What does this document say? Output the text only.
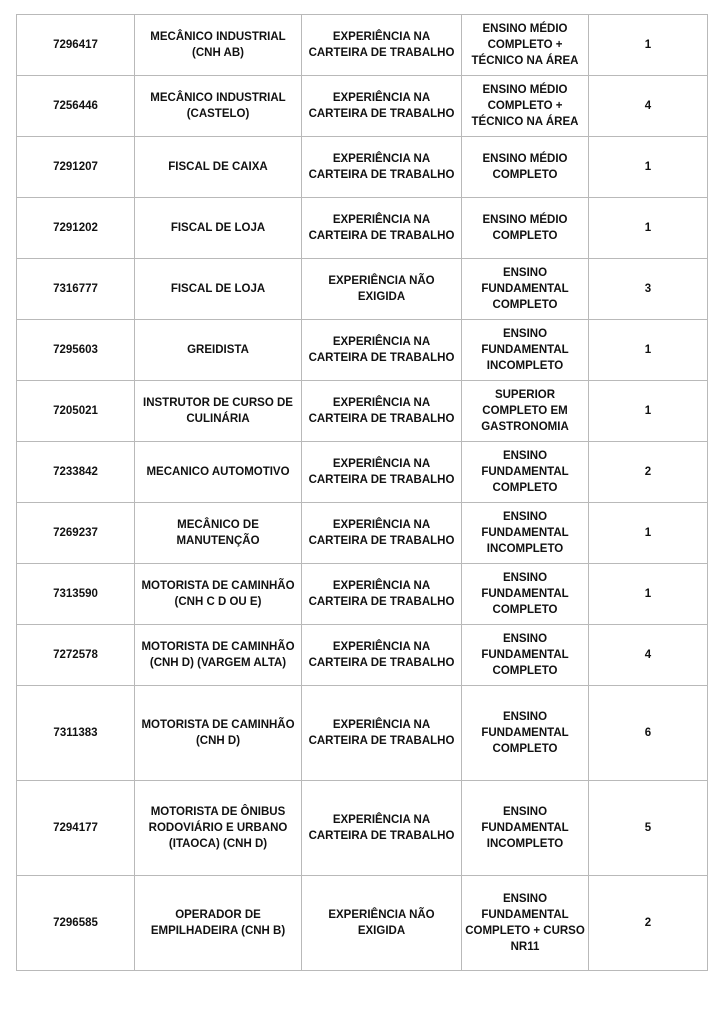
7296417	MECÂNICO INDUSTRIAL (CNH AB)	EXPERIÊNCIA NA CARTEIRA DE TRABALHO	ENSINO MÉDIO COMPLETO + TÉCNICO NA ÁREA	1
7256446	MECÂNICO INDUSTRIAL (CASTELO)	EXPERIÊNCIA NA CARTEIRA DE TRABALHO	ENSINO MÉDIO COMPLETO + TÉCNICO NA ÁREA	4
7291207	FISCAL DE CAIXA	EXPERIÊNCIA NA CARTEIRA DE TRABALHO	ENSINO MÉDIO COMPLETO	1
7291202	FISCAL DE LOJA	EXPERIÊNCIA NA CARTEIRA DE TRABALHO	ENSINO MÉDIO COMPLETO	1
7316777	FISCAL DE LOJA	EXPERIÊNCIA NÃO EXIGIDA	ENSINO FUNDAMENTAL COMPLETO	3
7295603	GREIDISTA	EXPERIÊNCIA NA CARTEIRA DE TRABALHO	ENSINO FUNDAMENTAL INCOMPLETO	1
7205021	INSTRUTOR DE CURSO DE CULINÁRIA	EXPERIÊNCIA NA CARTEIRA DE TRABALHO	SUPERIOR COMPLETO EM GASTRONOMIA	1
7233842	MECANICO AUTOMOTIVO	EXPERIÊNCIA NA CARTEIRA DE TRABALHO	ENSINO FUNDAMENTAL COMPLETO	2
7269237	MECÂNICO DE MANUTENÇÃO	EXPERIÊNCIA NA CARTEIRA DE TRABALHO	ENSINO FUNDAMENTAL INCOMPLETO	1
7313590	MOTORISTA DE CAMINHÃO (CNH C D OU E)	EXPERIÊNCIA NA CARTEIRA DE TRABALHO	ENSINO FUNDAMENTAL COMPLETO	1
7272578	MOTORISTA DE CAMINHÃO (CNH D) (VARGEM ALTA)	EXPERIÊNCIA NA CARTEIRA DE TRABALHO	ENSINO FUNDAMENTAL COMPLETO	4
7311383	MOTORISTA DE CAMINHÃO (CNH D)	EXPERIÊNCIA NA CARTEIRA DE TRABALHO	ENSINO FUNDAMENTAL COMPLETO	6
7294177	MOTORISTA DE ÔNIBUS RODOVIÁRIO E URBANO (ITAOCA) (CNH D)	EXPERIÊNCIA NA CARTEIRA DE TRABALHO	ENSINO FUNDAMENTAL INCOMPLETO	5
7296585	OPERADOR DE EMPILHADEIRA (CNH B)	EXPERIÊNCIA NÃO EXIGIDA	ENSINO FUNDAMENTAL COMPLETO + CURSO NR11	2
